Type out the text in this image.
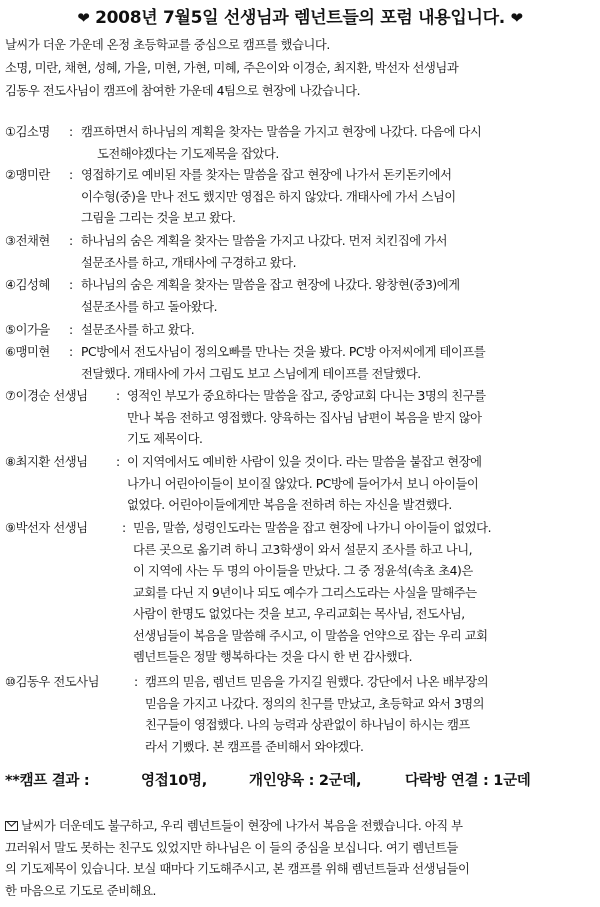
❤ 2008년 7월5일 선생님과 렘넌트들의 포럼 내용입니다. ❤
날씨가 더운 가운데 온정 초등학교를 중심으로 캠프를 했습니다.
소명, 미란, 채현, 성혜, 가을, 미현, 가현, 미혜, 주은이와 이경순, 최지환, 박선자 선생님과
김동우 전도사님이 캠프에 참여한 가운데 4팀으로 현장에 나갔습니다.
①김소명 : 캠프하면서 하나님의 계획을 찾자는 말씀을 가지고 현장에 나갔다. 다음에 다시
도전해야겠다는 기도제목을 잡았다.
②맹미란 : 영접하기로 예비된 자를 찾자는 말씀을 잡고 현장에 나가서 돈키돈키에서
이수형(중)을 만나 전도 했지만 영접은 하지 않았다. 개태사에 가서 스님이
그림을 그리는 것을 보고 왔다.
③전채현 : 하나님의 숨은 계획을 찾자는 말씀을 가지고 나갔다. 먼저 치킨집에 가서
설문조사를 하고, 개태사에 구경하고 왔다.
④김성혜 : 하나님의 숨은 계획을 찾자는 말씀을 잡고 현장에 나갔다. 왕창현(중3)에게
설문조사를 하고 돌아왔다.
⑤이가을 : 설문조사를 하고 왔다.
⑥맹미현 : PC방에서 전도사님이 정의오빠를 만나는 것을 봤다. PC방 아저씨에게 테이프를
전달했다. 개태사에 가서 그림도 보고 스님에게 테이프를 전달했다.
⑦이경순 선생님 : 영적인 부모가 중요하다는 말씀을 잡고, 중앙교회 다니는 3명의 친구를
만나 복음 전하고 영접했다. 양육하는 집사님 남편이 복음을 받지 않아
기도 제목이다.
⑧최지환 선생님 : 이 지역에서도 예비한 사람이 있을 것이다. 라는 말씀을 붙잡고 현장에
나가니 어린아이들이 보이질 않았다. PC방에 들어가서 보니 아이들이
없었다. 어린아이들에게만 복음을 전하려 하는 자신을 발견했다.
⑨박선자 선생님	: 믿음, 말씀, 성령인도라는 말씀을 잡고 현장에 나가니 아이들이 없었다.
다른 곳으로 옮기려 하니 고3학생이 와서 설문지 조사를 하고 나니,
이 지역에 사는 두 명의 아이들을 만났다. 그 중 정윤석(속초 초4)은
교회를 다닌 지 9년이나 되도 예수가 그리스도라는 사실을 말해주는
사람이 한명도 없었다는 것을 보고, 우리교회는 목사님, 전도사님,
선생님들이 복음을 말씀해 주시고, 이 말씀을 언약으로 잡는 우리 교회
렘넌트들은 정말 행복하다는 것을 다시 한 번 감사했다.
⑩김동우 전도사님	: 캠프의 믿음, 렘넌트 믿음을 가지길 원했다. 강단에서 나온 배부장의
믿음을 가지고 나갔다. 정의의 친구를 만났고, 초등학교 와서 3명의
친구들이 영접했다. 나의 능력과 상관없이 하나님이 하시는 캠프
라서 기뻤다. 본 캠프를 준비해서 와야겠다.
**캠프 결과 :	영접10명,	개인양육 : 2군데,	다락방 연결 : 1군데
날씨가 더운데도 불구하고, 우리 렘넌트들이 현장에 나가서 복음을 전했습니다. 아직 부
끄러워서 말도 못하는 친구도 있었지만 하나님은 이 들의 중심을 보십니다. 여기 렘넌트들
의 기도제목이 있습니다. 보실 때마다 기도해주시고, 본 캠프를 위해 렘넌트들과 선생님들이
한 마음으로 기도로 준비해요.
